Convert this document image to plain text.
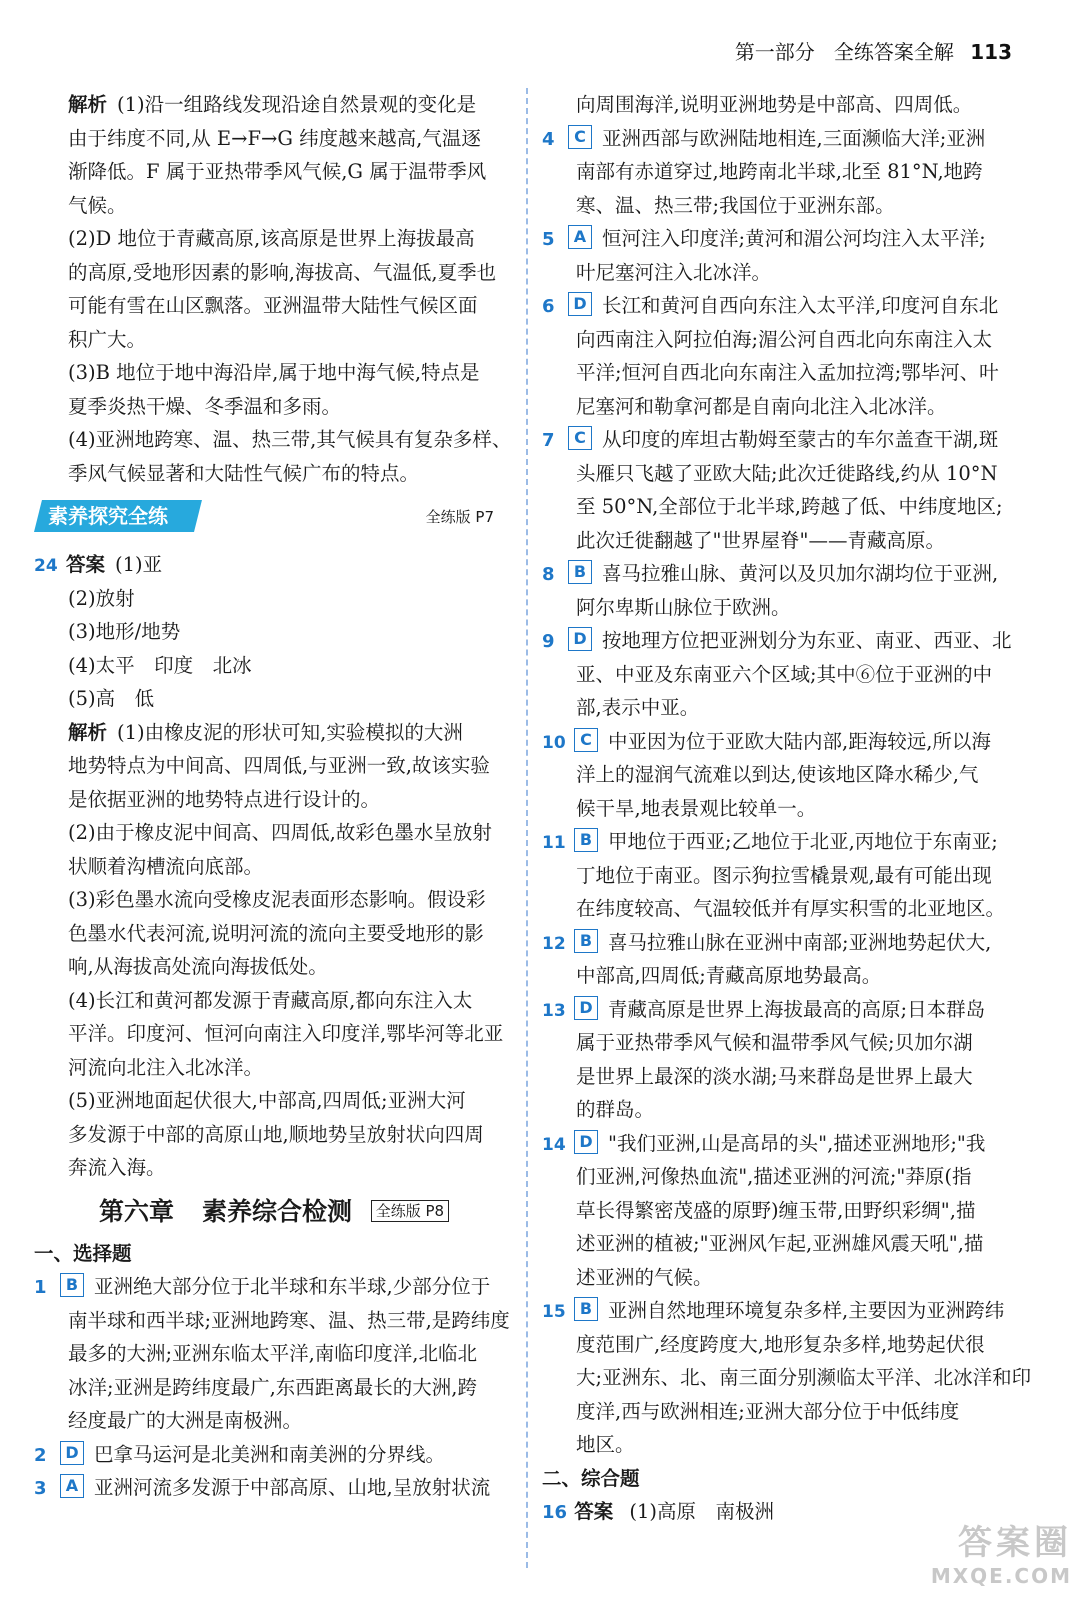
第一部分 全练答案全解 113
解析 (1)沿一组路线发现沿途自然景观的变化是
由于纬度不同,从 E→F→G 纬度越来越高,气温逐
渐降低。F 属于亚热带季风气候,G 属于温带季风
气候。
(2)D 地位于青藏高原,该高原是世界上海拔最高
的高原,受地形因素的影响,海拔高、气温低,夏季也
可能有雪在山区飘落。亚洲温带大陆性气候区面
积广大。
(3)B 地位于地中海沿岸,属于地中海气候,特点是
夏季炎热干燥、冬季温和多雨。
(4)亚洲地跨寒、温、热三带,其气候具有复杂多样、
季风气候显著和大陆性气候广布的特点。
素养探究全练	全练版 P7
24 答案 (1)亚
(2)放射
(3)地形/地势
(4)太平　印度　北冰
(5)高　低
解析 (1)由橡皮泥的形状可知,实验模拟的大洲
地势特点为中间高、四周低,与亚洲一致,故该实验
是依据亚洲的地势特点进行设计的。
(2)由于橡皮泥中间高、四周低,故彩色墨水呈放射
状顺着沟槽流向底部。
(3)彩色墨水流向受橡皮泥表面形态影响。假设彩
色墨水代表河流,说明河流的流向主要受地形的影
响,从海拔高处流向海拔低处。
(4)长江和黄河都发源于青藏高原,都向东注入太
平洋。印度河、恒河向南注入印度洋,鄂毕河等北亚
河流向北注入北冰洋。
(5)亚洲地面起伏很大,中部高,四周低;亚洲大河
多发源于中部的高原山地,顺地势呈放射状向四周
奔流入海。
第六章 素养综合检测 全练版 P8
一、选择题
1 B 亚洲绝大部分位于北半球和东半球,少部分位于
南半球和西半球;亚洲地跨寒、温、热三带,是跨纬度
最多的大洲;亚洲东临太平洋,南临印度洋,北临北
冰洋;亚洲是跨纬度最广,东西距离最长的大洲,跨
经度最广的大洲是南极洲。
2 D 巴拿马运河是北美洲和南美洲的分界线。
3 A 亚洲河流多发源于中部高原、山地,呈放射状流
向周围海洋,说明亚洲地势是中部高、四周低。
4 C 亚洲西部与欧洲陆地相连,三面濒临大洋;亚洲
南部有赤道穿过,地跨南北半球,北至 81°N,地跨
寒、温、热三带;我国位于亚洲东部。
5 A 恒河注入印度洋;黄河和湄公河均注入太平洋;
叶尼塞河注入北冰洋。
6 D 长江和黄河自西向东注入太平洋,印度河自东北
向西南注入阿拉伯海;湄公河自西北向东南注入太
平洋;恒河自西北向东南注入孟加拉湾;鄂毕河、叶
尼塞河和勒拿河都是自南向北注入北冰洋。
7 C 从印度的库坦古勒姆至蒙古的车尔盖查干湖,斑
头雁只飞越了亚欧大陆;此次迁徙路线,约从 10°N
至 50°N,全部位于北半球,跨越了低、中纬度地区;
此次迁徙翻越了"世界屋脊"——青藏高原。
8 B 喜马拉雅山脉、黄河以及贝加尔湖均位于亚洲,
阿尔卑斯山脉位于欧洲。
9 D 按地理方位把亚洲划分为东亚、南亚、西亚、北
亚、中亚及东南亚六个区域;其中⑥位于亚洲的中
部,表示中亚。
10 C 中亚因为位于亚欧大陆内部,距海较远,所以海
洋上的湿润气流难以到达,使该地区降水稀少,气
候干旱,地表景观比较单一。
11 B 甲地位于西亚;乙地位于北亚,丙地位于东南亚;
丁地位于南亚。图示狗拉雪橇景观,最有可能出现
在纬度较高、气温较低并有厚实积雪的北亚地区。
12 B 喜马拉雅山脉在亚洲中南部;亚洲地势起伏大,
中部高,四周低;青藏高原地势最高。
13 D 青藏高原是世界上海拔最高的高原;日本群岛
属于亚热带季风气候和温带季风气候;贝加尔湖
是世界上最深的淡水湖;马来群岛是世界上最大
的群岛。
14 D "我们亚洲,山是高昂的头",描述亚洲地形;"我
们亚洲,河像热血流",描述亚洲的河流;"莽原(指
草长得繁密茂盛的原野)缠玉带,田野织彩绸",描
述亚洲的植被;"亚洲风乍起,亚洲雄风震天吼",描
述亚洲的气候。
15 B 亚洲自然地理环境复杂多样,主要因为亚洲跨纬
度范围广,经度跨度大,地形复杂多样,地势起伏很
大;亚洲东、北、南三面分别濒临太平洋、北冰洋和印
度洋,西与欧洲相连;亚洲大部分位于中低纬度
地区。
二、综合题
16 答案 (1)高原　南极洲
答案圈
MXQE.COM
